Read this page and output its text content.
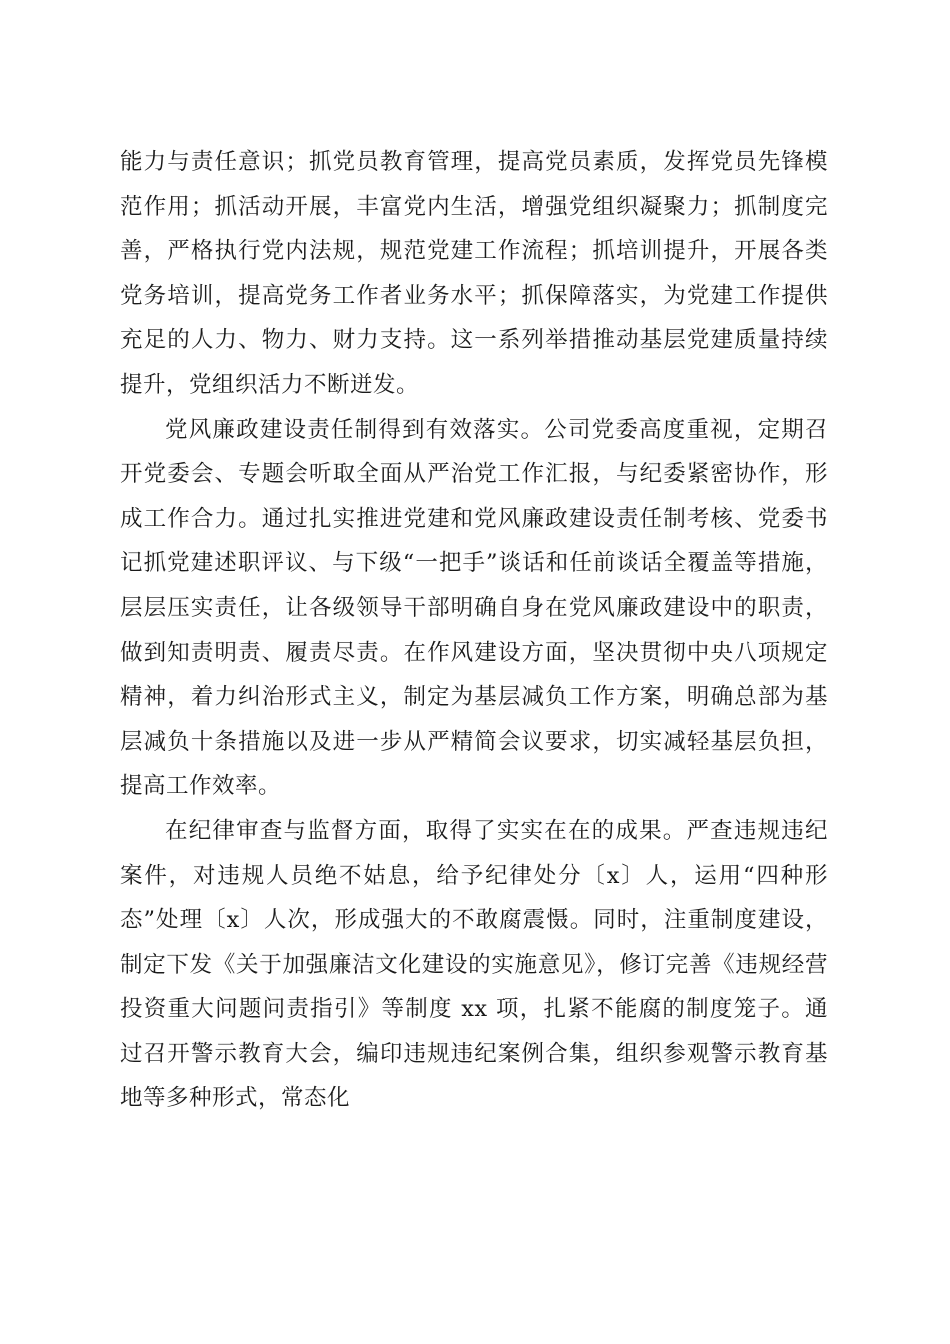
能力与责任意识；抓党员教育管理，提高党员素质，发挥党员先锋模范作用；抓活动开展，丰富党内生活，增强党组织凝聚力；抓制度完善，严格执行党内法规，规范党建工作流程；抓培训提升，开展各类党务培训，提高党务工作者业务水平；抓保障落实，为党建工作提供充足的人力、物力、财力支持。这一系列举措推动基层党建质量持续提升，党组织活力不断迸发。

党风廉政建设责任制得到有效落实。公司党委高度重视，定期召开党委会、专题会听取全面从严治党工作汇报，与纪委紧密协作，形成工作合力。通过扎实推进党建和党风廉政建设责任制考核、党委书记抓党建述职评议、与下级“一把手”谈话和任前谈话全覆盖等措施，层层压实责任，让各级领导干部明确自身在党风廉政建设中的职责，做到知责明责、履责尽责。在作风建设方面，坚决贯彻中央八项规定精神，着力纠治形式主义，制定为基层减负工作方案，明确总部为基层减负十条措施以及进一步从严精简会议要求，切实减轻基层负担，提高工作效率。

在纪律审查与监督方面，取得了实实在在的成果。严查违规违纪案件，对违规人员绝不姑息，给予纪律处分〔x〕人，运用“四种形态”处理〔x〕人次，形成强大的不敢腐震慑。同时，注重制度建设，制定下发《关于加强廉洁文化建设的实施意见》，修订完善《违规经营投资重大问题问责指引》等制度 xx 项，扎紧不能腐的制度笼子。通过召开警示教育大会，编印违规违纪案例合集，组织参观警示教育基地等多种形式，常态化
